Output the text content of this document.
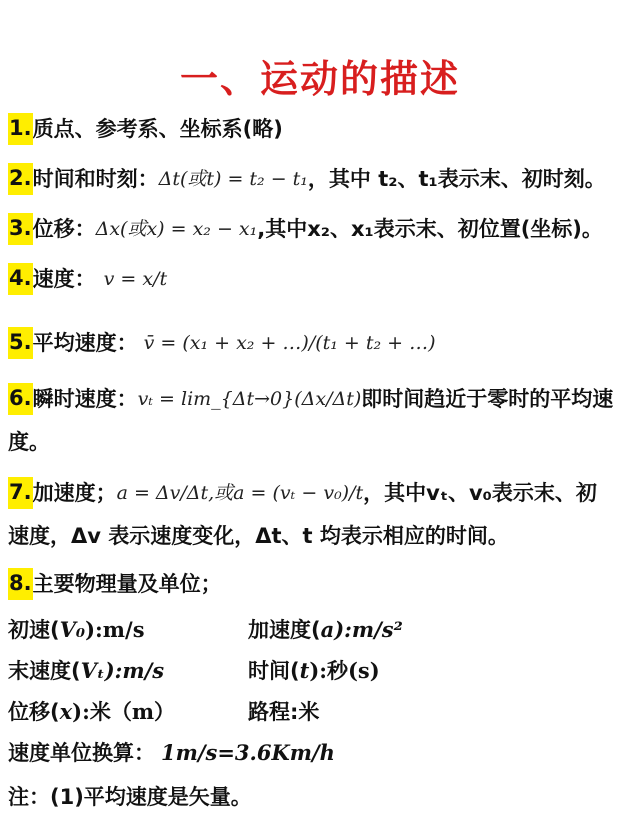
一、运动的描述
1.质点、参考系、坐标系(略)
2.时间和时刻：Δt(或t) = t₂ − t₁，其中 t₂、t₁表示末、初时刻。
3.位移：Δx(或x) = x₂ − x₁,其中x₂、x₁表示末、初位置(坐标)。
4.速度： v = x/t
5.平均速度： v̄ = (x₁ + x₂ + …)/(t₁ + t₂ + …)
6.瞬时速度：vₜ = lim_{Δt→0}(Δx/Δt)即时间趋近于零时的平均速
度。
7.加速度；a = Δv/Δt,或a = (vₜ − v₀)/t，其中vₜ、v₀表示末、初
速度，Δv 表示速度变化，Δt、t 均表示相应的时间。
8.主要物理量及单位；
初速(V₀):m/s	加速度(a):m/s²
末速度(Vₜ):m/s	时间(t):秒(s)
位移(x):米（m）	路程:米
速度单位换算： 1m/s=3.6Km/h
注：(1)平均速度是矢量。
